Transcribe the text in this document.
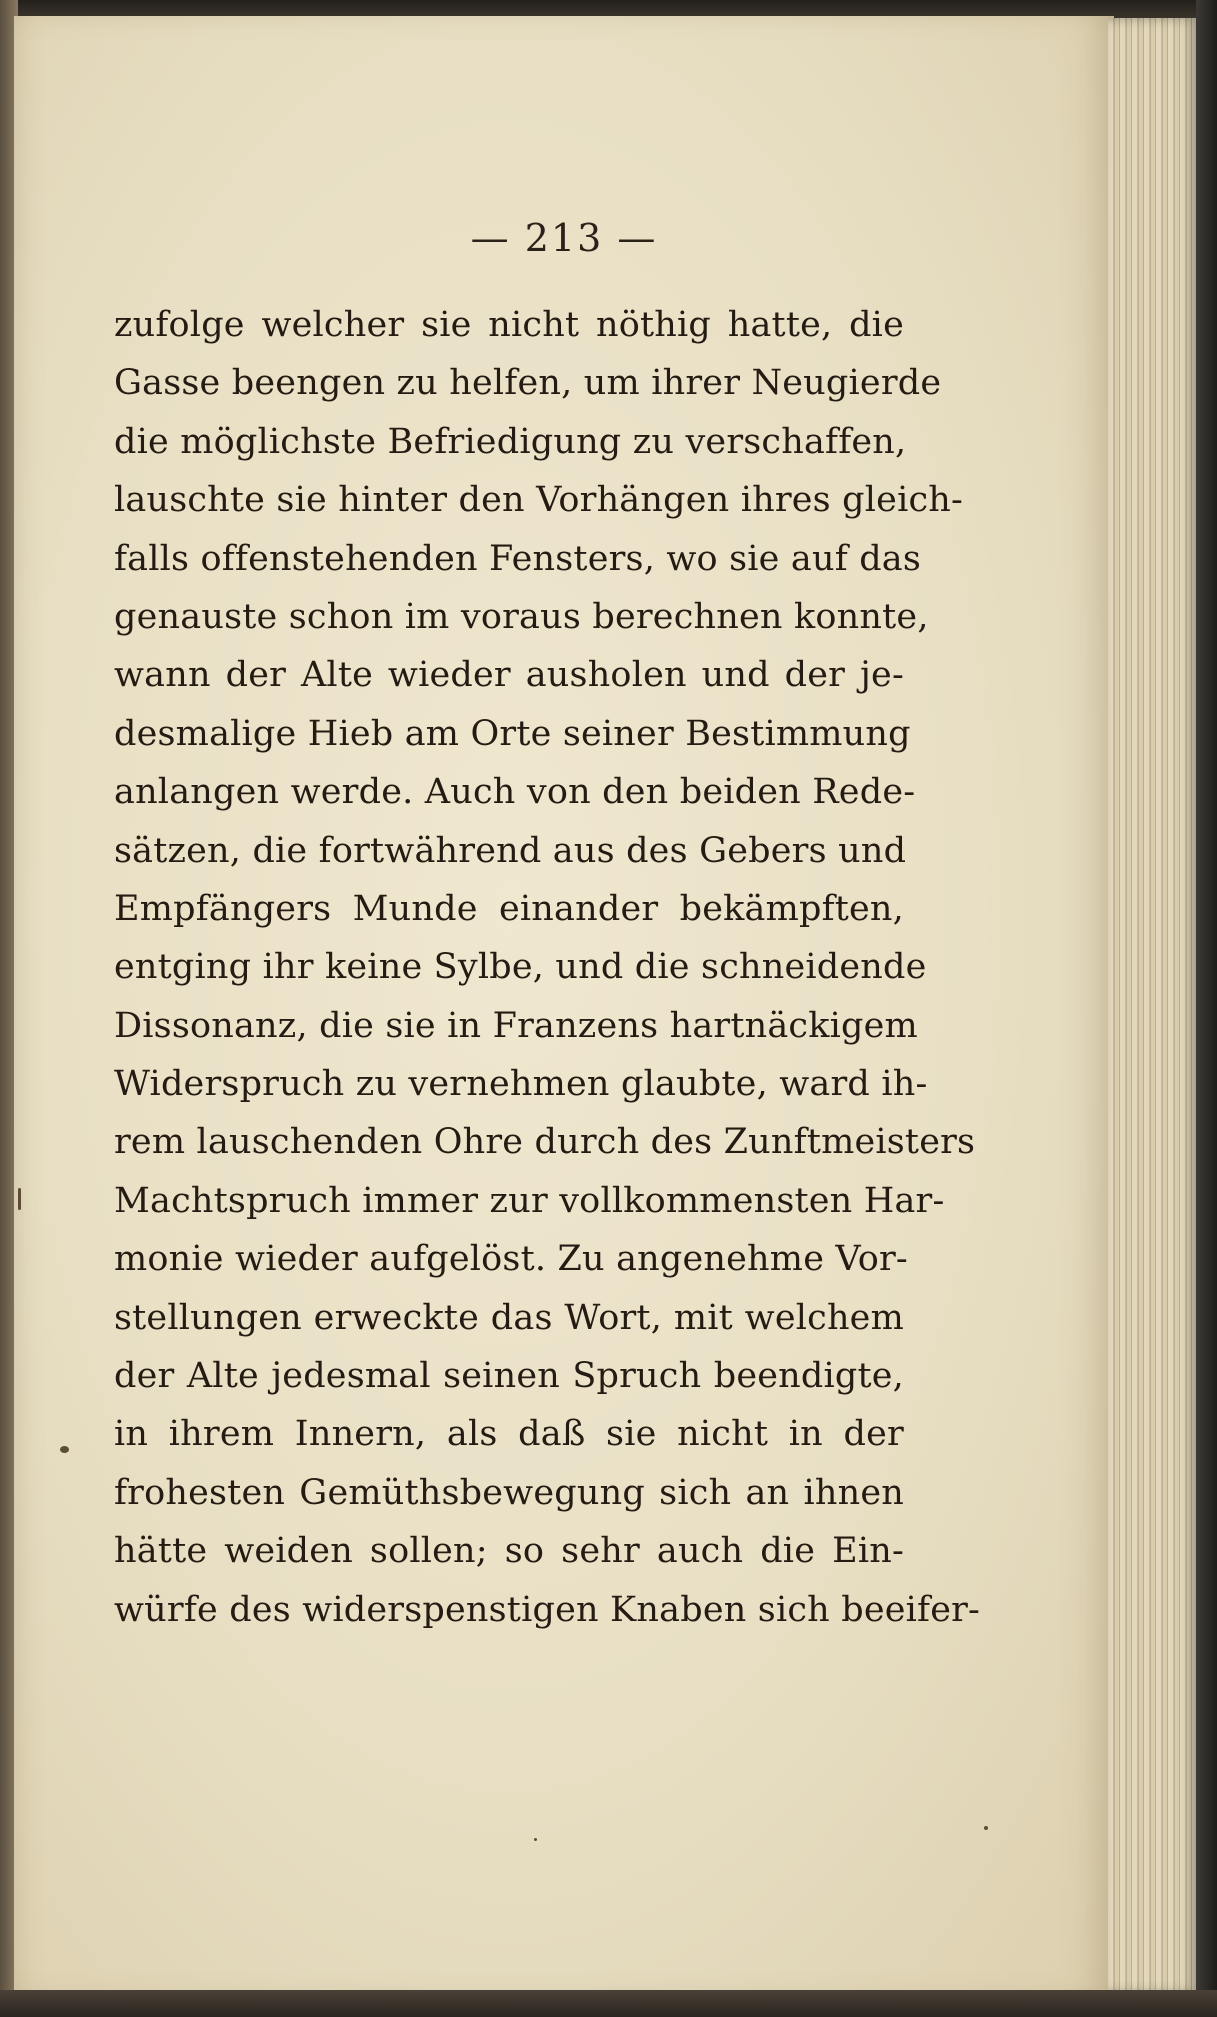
— 213 —
zufolge welcher sie nicht nöthig hatte, die
Gasse beengen zu helfen, um ihrer Neugierde
die möglichste Befriedigung zu verschaffen,
lauschte sie hinter den Vorhängen ihres gleich-
falls offenstehenden Fensters, wo sie auf das
genauste schon im voraus berechnen konnte,
wann der Alte wieder ausholen und der je-
desmalige Hieb am Orte seiner Bestimmung
anlangen werde. Auch von den beiden Rede-
sätzen, die fortwährend aus des Gebers und
Empfängers Munde einander bekämpften,
entging ihr keine Sylbe, und die schneidende
Dissonanz, die sie in Franzens hartnäckigem
Widerspruch zu vernehmen glaubte, ward ih-
rem lauschenden Ohre durch des Zunftmeisters
Machtspruch immer zur vollkommensten Har-
monie wieder aufgelöst. Zu angenehme Vor-
stellungen erweckte das Wort, mit welchem
der Alte jedesmal seinen Spruch beendigte,
in ihrem Innern, als daß sie nicht in der
frohesten Gemüthsbewegung sich an ihnen
hätte weiden sollen; so sehr auch die Ein-
würfe des widerspenstigen Knaben sich beeifer-
